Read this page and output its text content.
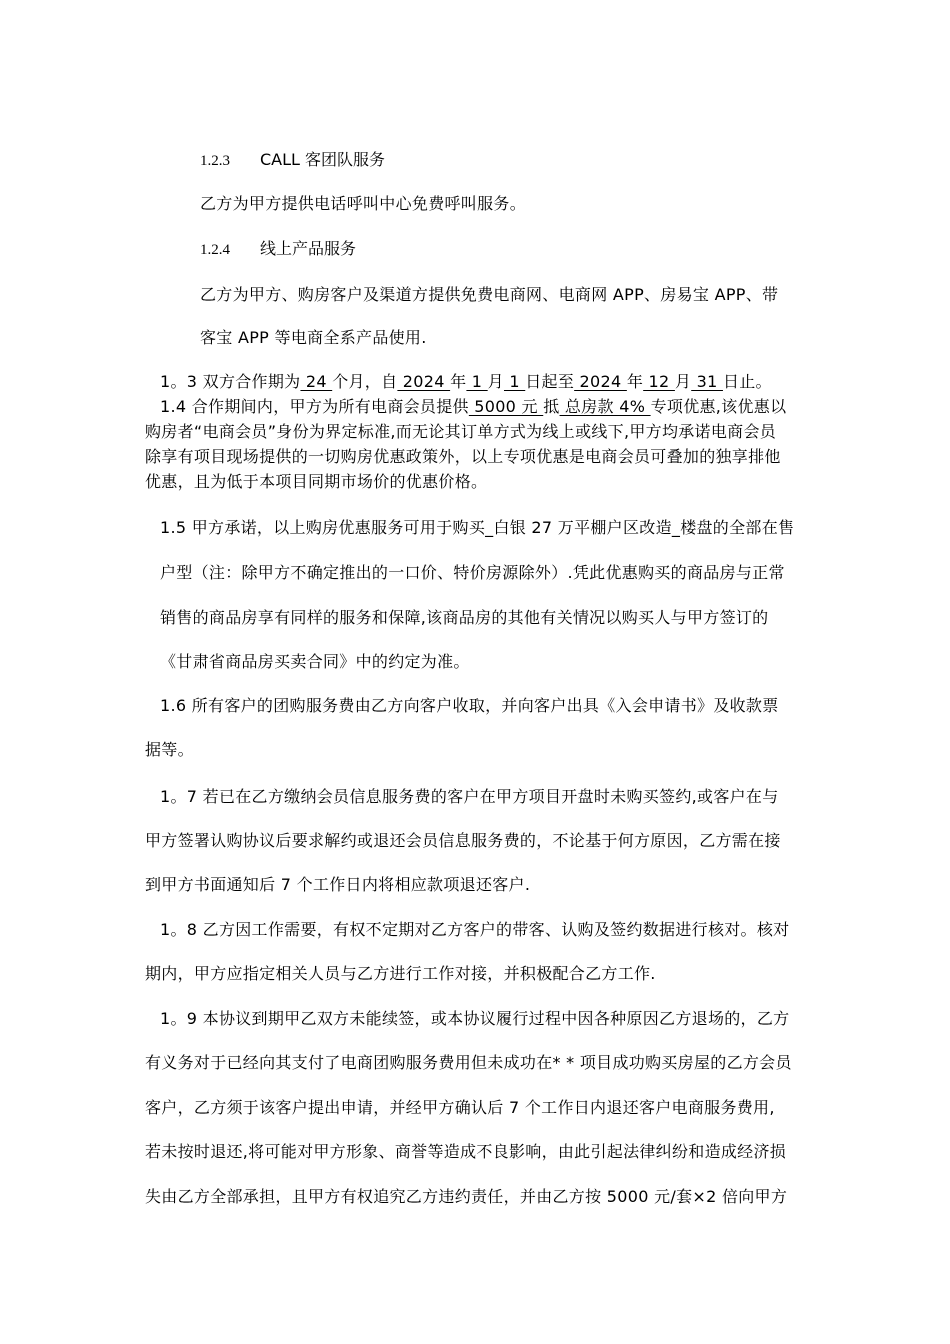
1.2.3 CALL 客团队服务
乙方为甲方提供电话呼叫中心免费呼叫服务。
1.2.4 线上产品服务
乙方为甲方、购房客户及渠道方提供免费电商网、电商网 APP、房易宝 APP、带
客宝 APP 等电商全系产品使用.
1。3 双方合作期为 24 个月，自 2024 年 1 月 1 日起至 2024 年 12 月 31 日止。
1.4 合作期间内，甲方为所有电商会员提供 5000 元 抵 总房款 4% 专项优惠,该优惠以
购房者“电商会员”身份为界定标准,而无论其订单方式为线上或线下,甲方均承诺电商会员
除享有项目现场提供的一切购房优惠政策外，以上专项优惠是电商会员可叠加的独享排他
优惠，且为低于本项目同期市场价的优惠价格。
1.5 甲方承诺，以上购房优惠服务可用于购买_白银 27 万平棚户区改造_楼盘的全部在售
户型（注：除甲方不确定推出的一口价、特价房源除外）.凭此优惠购买的商品房与正常
销售的商品房享有同样的服务和保障,该商品房的其他有关情况以购买人与甲方签订的
《甘肃省商品房买卖合同》中的约定为准。
1.6 所有客户的团购服务费由乙方向客户收取，并向客户出具《入会申请书》及收款票
据等。
1。7 若已在乙方缴纳会员信息服务费的客户在甲方项目开盘时未购买签约,或客户在与
甲方签署认购协议后要求解约或退还会员信息服务费的，不论基于何方原因，乙方需在接
到甲方书面通知后 7 个工作日内将相应款项退还客户.
1。8 乙方因工作需要，有权不定期对乙方客户的带客、认购及签约数据进行核对。核对
期内，甲方应指定相关人员与乙方进行工作对接，并积极配合乙方工作.
1。9 本协议到期甲乙双方未能续签，或本协议履行过程中因各种原因乙方退场的，乙方
有义务对于已经向其支付了电商团购服务费用但未成功在* * 项目成功购买房屋的乙方会员
客户，乙方须于该客户提出申请，并经甲方确认后 7 个工作日内退还客户电商服务费用,
若未按时退还,将可能对甲方形象、商誉等造成不良影响，由此引起法律纠纷和造成经济损
失由乙方全部承担，且甲方有权追究乙方违约责任，并由乙方按 5000 元/套×2 倍向甲方
